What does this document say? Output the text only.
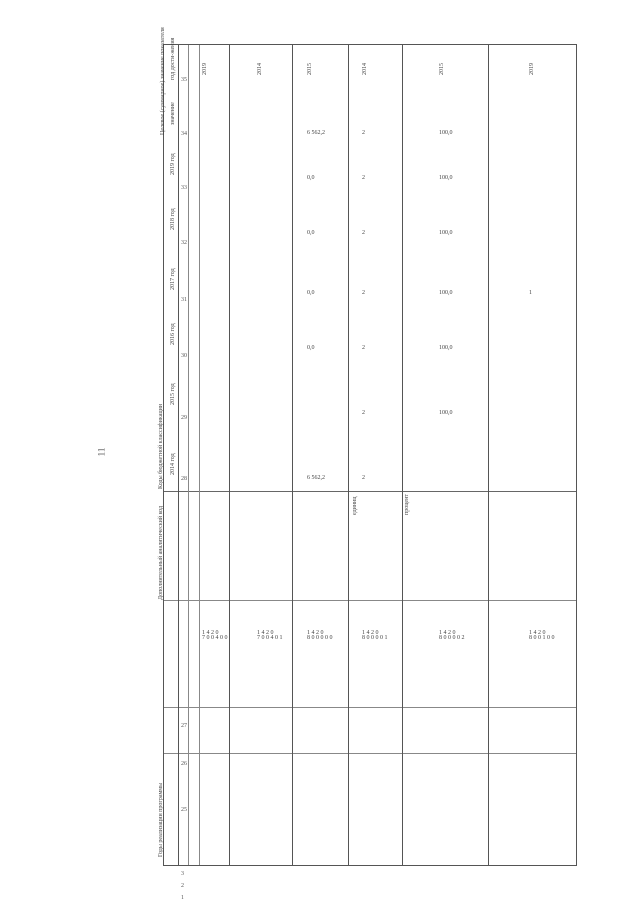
11	Коды бюджетной классификации
Дополнительный аналитический код
Годы реализации программы
2014 год
2015 год
2016 год
2017 год
2018 год
2019 год
значение
год дости-жения
Целевое (суммарное) значение показателя
1
2
3
25
26
27
28
29
30
31
32
33
34
35
1 4 2 0
7 0 0 4 0 0
2019
1 4 2 0
7 0 0 4 0 1
2014
1 4 2 0
8 0 0 0 0 0
6 562,2
0,0
0,0
0,0
0,0
6 562,2
2015
единиц
1 4 2 0
8 0 0 0 0 1
2
2
2
2
2
2
2
2014
процент
1 4 2 0
8 0 0 0 0 2
100,0
100,0
100,0
100,0
100,0
100,0
2015
1 4 2 0
8 0 0 1 0 0
1
2019
